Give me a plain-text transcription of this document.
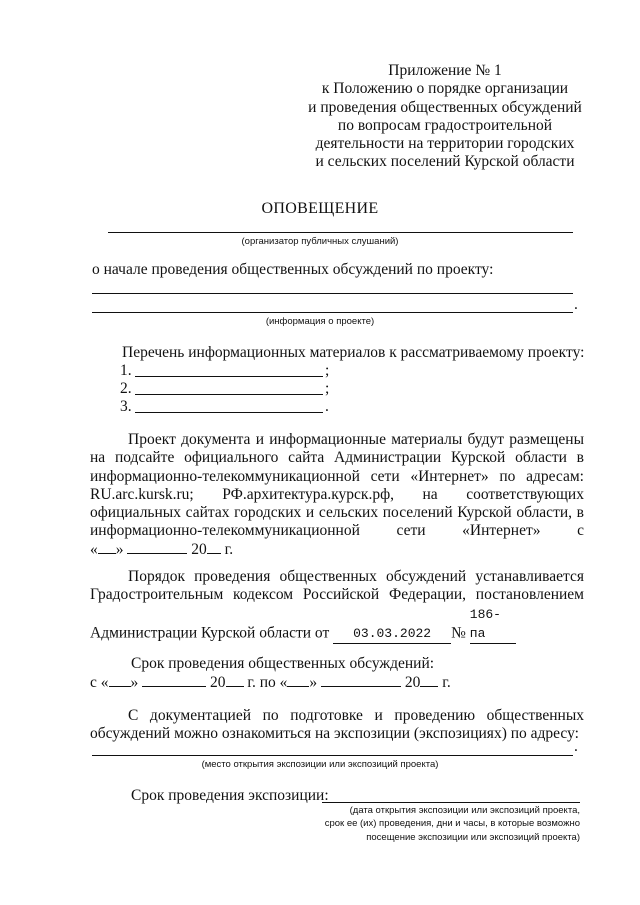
Приложение № 1
к Положению о порядке организации
и проведения общественных обсуждений
по вопросам градостроительной
деятельности на территории городских
и сельских поселений Курской области
ОПОВЕЩЕНИЕ
(организатор публичных слушаний)
о начале проведения общественных обсуждений по проекту:
.
(информация о проекте)
Перечень информационных материалов к рассматриваемому проекту:
1.	;
2.	;
3.	.
Проект документа и информационные материалы будут размещены
на подсайте официального сайта Администрации Курской области в
информационно-телекоммуникационной сети «Интернет» по адресам:
RU.arc.kursk.ru; РФ.архитектура.курск.рф, на соответствующих
официальных сайтах городских и сельских поселений Курской области, в
информационно-телекоммуникационной сети «Интернет» с
« »	20 г.
Порядок проведения общественных обсуждений устанавливается
Градостроительным кодексом Российской Федерации, постановлением
Администрации Курской области от 03.03.2022 № 186-па
Срок проведения общественных обсуждений:
с « »	20 г. по « »	20 г.
С документацией по подготовке и проведению общественных
обсуждений можно ознакомиться на экспозиции (экспозициях) по адресу:
.
(место открытия экспозиции или экспозиций проекта)
Срок проведения экспозиции:
(дата открытия экспозиции или экспозиций проекта,
срок ее (их) проведения, дни и часы, в которые возможно
посещение экспозиции или экспозиций проекта)
